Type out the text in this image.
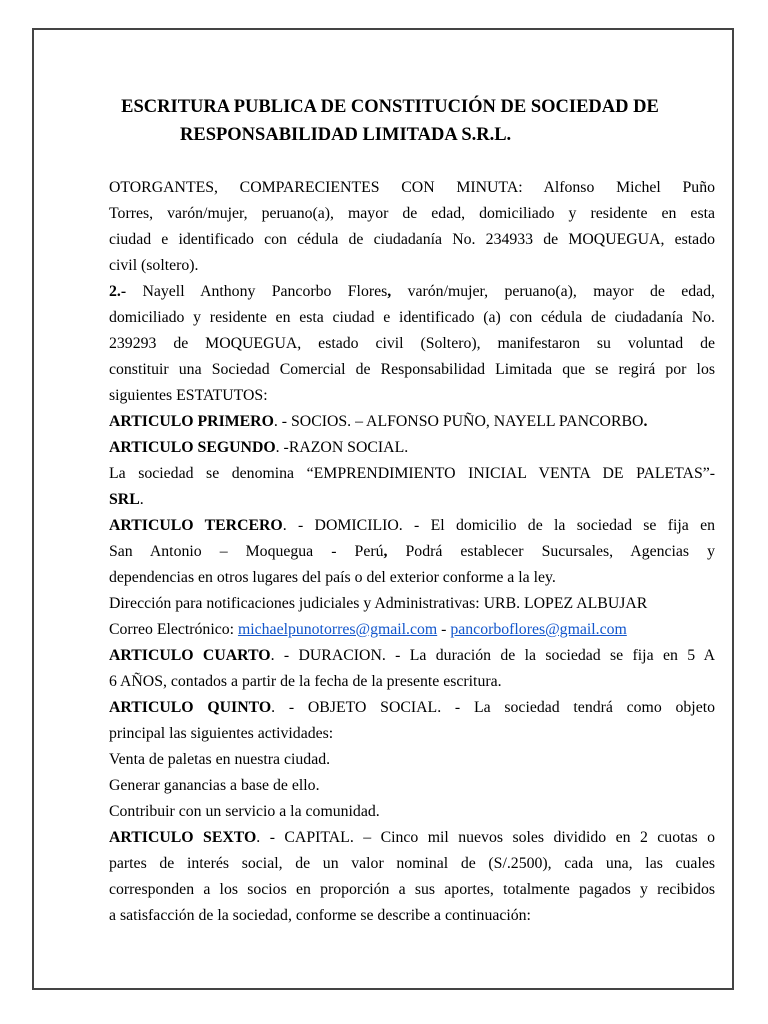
ESCRITURA PUBLICA DE CONSTITUCIÓN DE SOCIEDAD DE
RESPONSABILIDAD LIMITADA S.R.L.

OTORGANTES, COMPARECIENTES CON MINUTA: Alfonso Michel Puño

Torres, varón/mujer, peruano(a), mayor de edad, domiciliado y residente en esta

ciudad e identificado con cédula de ciudadanía No. 234933 de MOQUEGUA, estado

civil (soltero).

2.- Nayell Anthony Pancorbo Flores, varón/mujer, peruano(a), mayor de edad,

domiciliado y residente en esta ciudad e identificado (a) con cédula de ciudadanía No.

239293 de MOQUEGUA, estado civil (Soltero), manifestaron su voluntad de

constituir una Sociedad Comercial de Responsabilidad Limitada que se regirá por los

siguientes ESTATUTOS:

ARTICULO PRIMERO. - SOCIOS. – ALFONSO PUÑO, NAYELL PANCORBO.

ARTICULO SEGUNDO. -RAZON SOCIAL.

La sociedad se denomina “EMPRENDIMIENTO INICIAL VENTA DE PALETAS”-

SRL.

ARTICULO TERCERO. - DOMICILIO. - El domicilio de la sociedad se fija en

San Antonio – Moquegua - Perú, Podrá establecer Sucursales, Agencias y

dependencias en otros lugares del país o del exterior conforme a la ley.

Dirección para notificaciones judiciales y Administrativas: URB. LOPEZ ALBUJAR

Correo Electrónico: michaelpunotorres@gmail.com - pancorboflores@gmail.com

ARTICULO CUARTO. - DURACION. - La duración de la sociedad se fija en 5 A

6 AÑOS, contados a partir de la fecha de la presente escritura.

ARTICULO QUINTO. - OBJETO SOCIAL. - La sociedad tendrá como objeto

principal las siguientes actividades:

Venta de paletas en nuestra ciudad.

Generar ganancias a base de ello.

Contribuir con un servicio a la comunidad.

ARTICULO SEXTO. - CAPITAL. – Cinco mil nuevos soles dividido en 2 cuotas o

partes de interés social, de un valor nominal de (S/.2500), cada una, las cuales

corresponden a los socios en proporción a sus aportes, totalmente pagados y recibidos

a satisfacción de la sociedad, conforme se describe a continuación:
